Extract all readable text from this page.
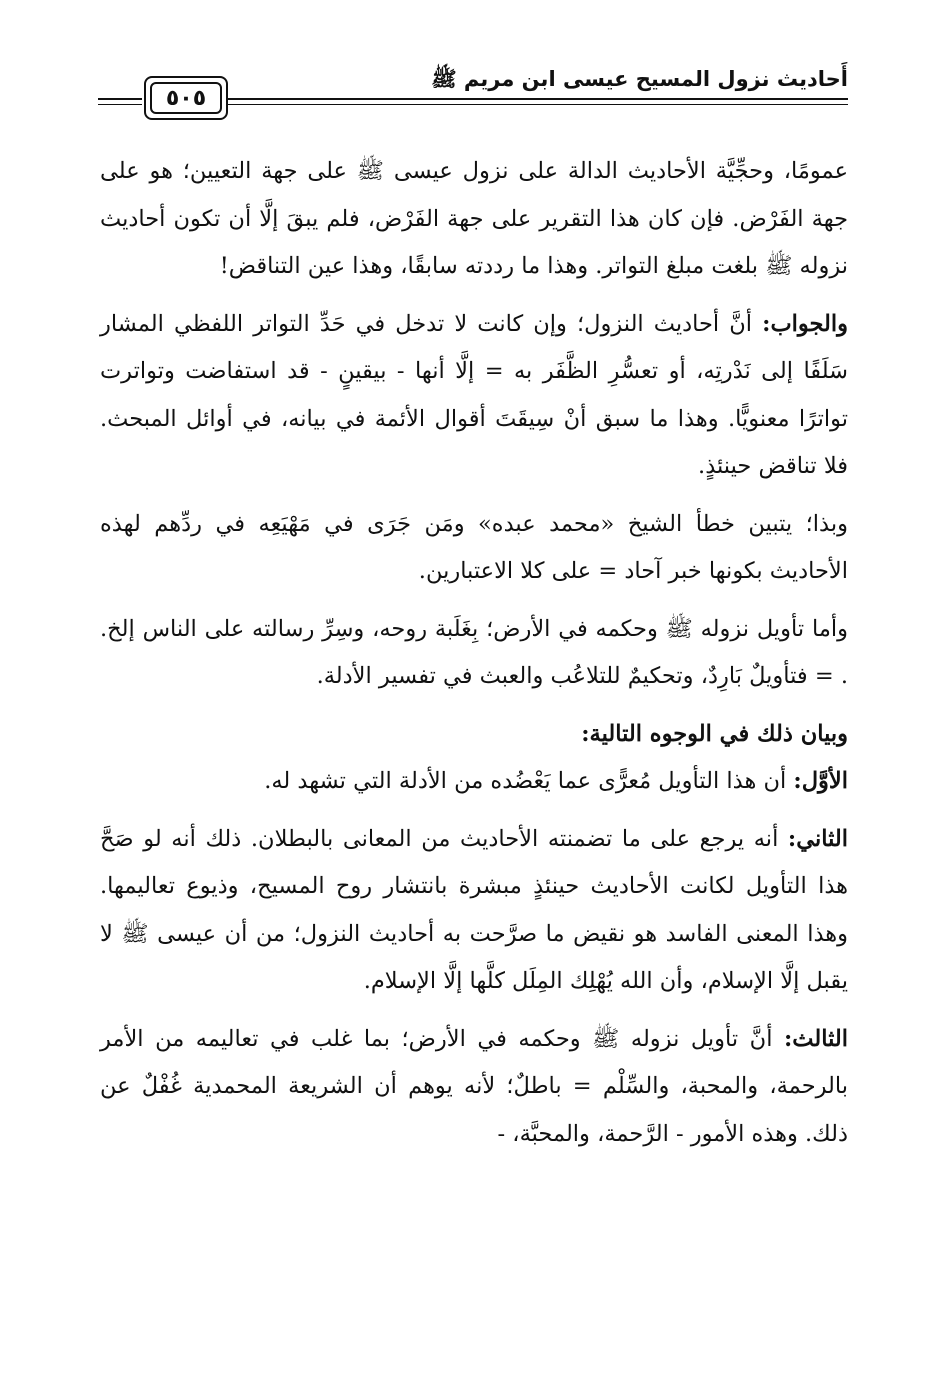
أَحاديث نزول المسيح عيسى ابن مريم ﷺ
٥٠٥

عمومًا، وحجِّيَّة الأحاديث الدالة على نزول عيسى ﷺ على جهة التعيين؛ هو على جهة الفَرْض. فإن كان هذا التقرير على جهة الفَرْض، فلم يبقَ إلَّا أن تكون أحاديث نزوله ﷺ بلغت مبلغ التواتر. وهذا ما رددته سابقًا، وهذا عين التناقض!

والجواب: أنَّ أحاديث النزول؛ وإن كانت لا تدخل في حَدِّ التواتر اللفظي المشار سَلَفًا إلى نَدْرتِه، أو تعسُّرِ الظَّفَر به = إلَّا أنها - بيقينٍ - قد استفاضت وتواترت تواترًا معنويًّا. وهذا ما سبق أنْ سِيقَتَ أقوال الأئمة في بيانه، في أوائل المبحث. فلا تناقض حينئذٍ.

وبذا؛ يتبين خطأ الشيخ «محمد عبده» ومَن جَرَى في مَهْيَعِه في ردِّهم لهذه الأحاديث بكونها خبر آحاد = على كلا الاعتبارين.

وأما تأويل نزوله ﷺ وحكمه في الأرض؛ بِغَلَبة روحه، وسِرِّ رسالته على الناس إلخ. . = فتأويلٌ بَارِدٌ، وتحكيمٌ للتلاعُب والعبث في تفسير الأدلة.

وبيان ذلك في الوجوه التالية:

الأوَّل: أن هذا التأويل مُعرًّى عما يَعْضُده من الأدلة التي تشهد له.

الثاني: أنه يرجع على ما تضمنته الأحاديث من المعانى بالبطلان. ذلك أنه لو صَحَّ هذا التأويل لكانت الأحاديث حينئذٍ مبشرة بانتشار روح المسيح، وذيوع تعاليمها. وهذا المعنى الفاسد هو نقيض ما صرَّحت به أحاديث النزول؛ من أن عيسى ﷺ لا يقبل إلَّا الإسلام، وأن الله يُهْلِك المِلَل كلَّها إلَّا الإسلام.

الثالث: أنَّ تأويل نزوله ﷺ وحكمه في الأرض؛ بما غلب في تعاليمه من الأمر بالرحمة، والمحبة، والسِّلْم = باطلٌ؛ لأنه يوهم أن الشريعة المحمدية غُفْلٌ عن ذلك. وهذه الأمور - الرَّحمة، والمحبَّة، -
